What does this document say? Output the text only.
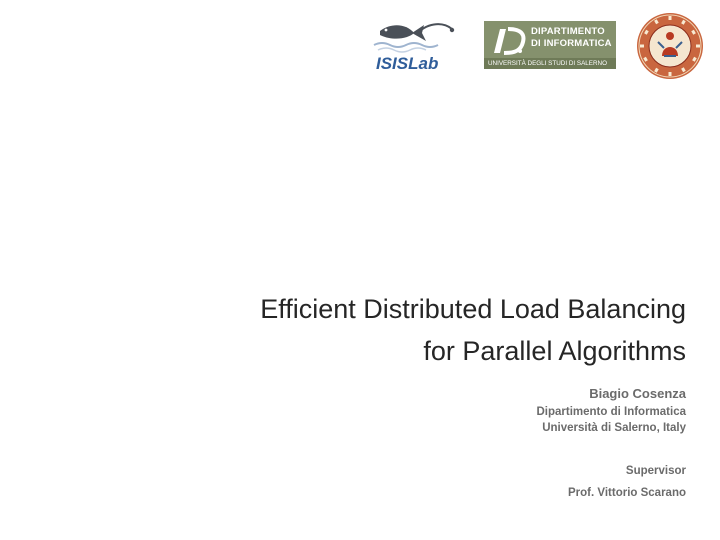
ISISLab
DIPARTIMENTO
DI INFORMATICA
UNIVERSITÀ DEGLI STUDI DI SALERNO
Efficient Distributed Load Balancing
for Parallel Algorithms
Biagio Cosenza
Dipartimento di Informatica
Università di Salerno, Italy
Supervisor
Prof. Vittorio Scarano
